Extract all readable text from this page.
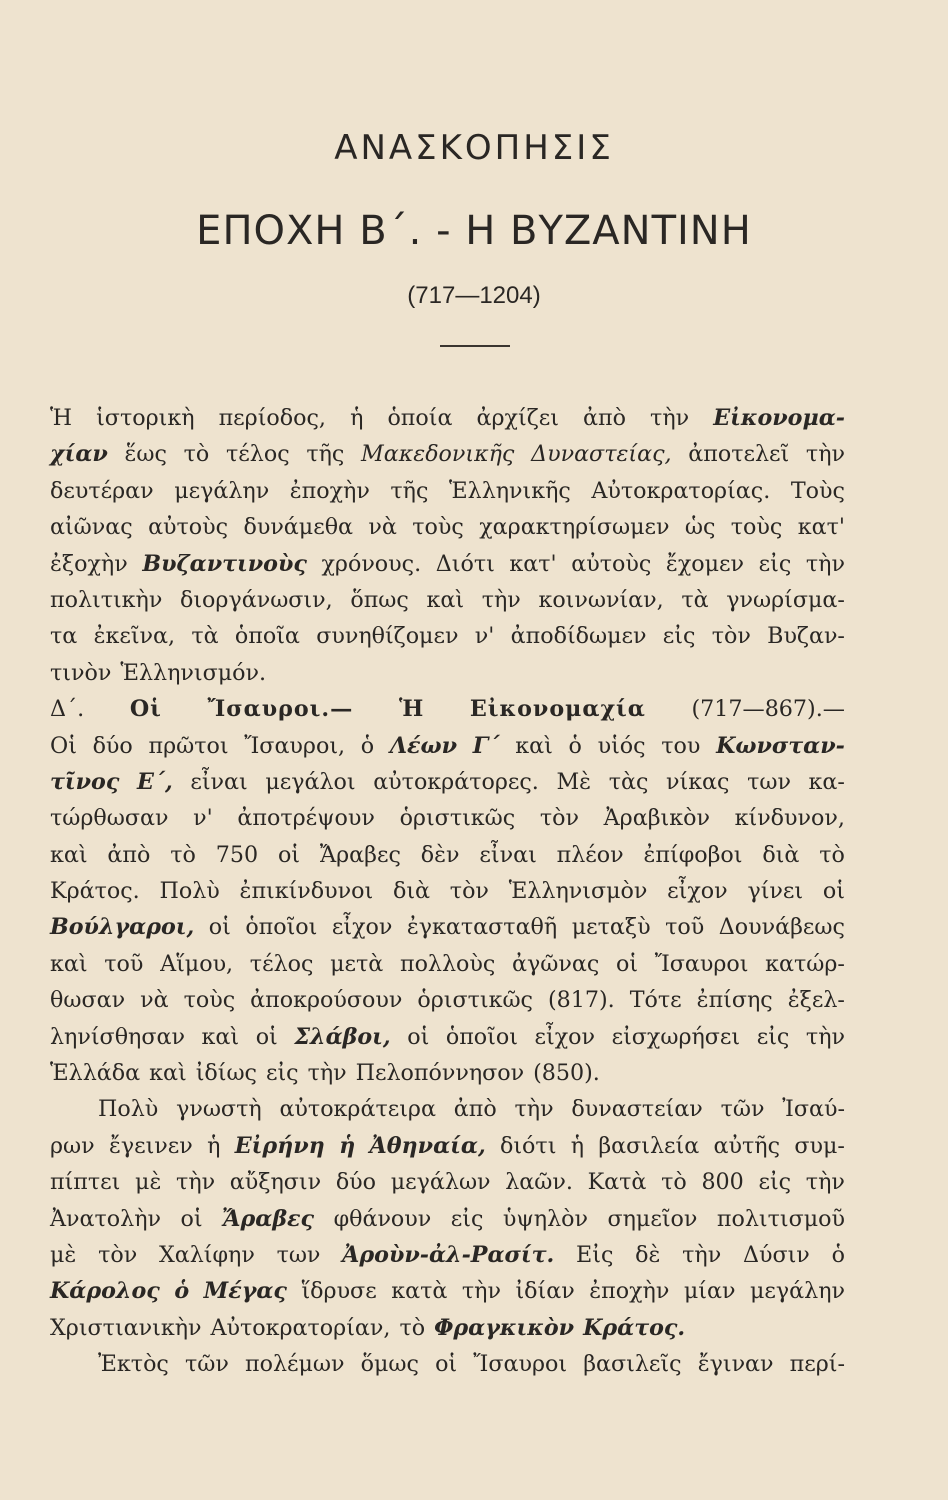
ΑΝΑΣΚΟΠΗΣΙΣ
ΕΠΟΧΗ Β΄. - Η ΒΥΖΑΝΤΙΝΗ
(717—1204)
Ἡ ἱστορικὴ περίοδος, ἡ ὁποία ἀρχίζει ἀπὸ τὴν Εἰκονομα-
χίαν ἕως τὸ τέλος τῆς Μακεδονικῆς Δυναστείας, ἀποτελεῖ τὴν
δευτέραν μεγάλην ἐποχὴν τῆς Ἑλληνικῆς Αὐτοκρατορίας. Τοὺς
αἰῶνας αὐτοὺς δυνάμεθα νὰ τοὺς χαρακτηρίσωμεν ὡς τοὺς κατ'
ἐξοχὴν Βυζαντινοὺς χρόνους. Διότι κατ' αὐτοὺς ἔχομεν εἰς τὴν
πολιτικὴν διοργάνωσιν, ὅπως καὶ τὴν κοινωνίαν, τὰ γνωρίσμα-
τα ἐκεῖνα, τὰ ὁποῖα συνηθίζομεν ν' ἀποδίδωμεν εἰς τὸν Βυζαν-
τινὸν Ἑλληνισμόν.
Δ΄. Οἱ Ἴσαυροι.— Ἡ Εἰκονομαχία (717—867).—
Οἱ δύο πρῶτοι Ἴσαυροι, ὁ Λέων Γ΄ καὶ ὁ υἱός του Κωνσταν-
τῖνος Ε΄, εἶναι μεγάλοι αὐτοκράτορες. Μὲ τὰς νίκας των κα-
τώρθωσαν ν' ἀποτρέψουν ὁριστικῶς τὸν Ἀραβικὸν κίνδυνον,
καὶ ἀπὸ τὸ 750 οἱ Ἄραβες δὲν εἶναι πλέον ἐπίφοβοι διὰ τὸ
Κράτος. Πολὺ ἐπικίνδυνοι διὰ τὸν Ἑλληνισμὸν εἶχον γίνει οἱ
Βούλγαροι, οἱ ὁποῖοι εἶχον ἐγκατασταθῆ μεταξὺ τοῦ Δουνάβεως
καὶ τοῦ Αἵμου, τέλος μετὰ πολλοὺς ἀγῶνας οἱ Ἴσαυροι κατώρ-
θωσαν νὰ τοὺς ἀποκρούσουν ὁριστικῶς (817). Τότε ἐπίσης ἐξελ-
ληνίσθησαν καὶ οἱ Σλάβοι, οἱ ὁποῖοι εἶχον εἰσχωρήσει εἰς τὴν
Ἑλλάδα καὶ ἰδίως εἰς τὴν Πελοπόννησον (850).
Πολὺ γνωστὴ αὐτοκράτειρα ἀπὸ τὴν δυναστείαν τῶν Ἰσαύ-
ρων ἔγεινεν ἡ Εἰρήνη ἡ Ἀθηναία, διότι ἡ βασιλεία αὐτῆς συμ-
πίπτει μὲ τὴν αὔξησιν δύο μεγάλων λαῶν. Κατὰ τὸ 800 εἰς τὴν
Ἀνατολὴν οἱ Ἄραβες φθάνουν εἰς ὑψηλὸν σημεῖον πολιτισμοῦ
μὲ τὸν Χαλίφην των Ἀροὺν-ἀλ-Ρασίτ. Εἰς δὲ τὴν Δύσιν ὁ
Κάρολος ὁ Μέγας ἵδρυσε κατὰ τὴν ἰδίαν ἐποχὴν μίαν μεγάλην
Χριστιανικὴν Αὐτοκρατορίαν, τὸ Φραγκικὸν Κράτος.
Ἐκτὸς τῶν πολέμων ὅμως οἱ Ἴσαυροι βασιλεῖς ἔγιναν περί-
